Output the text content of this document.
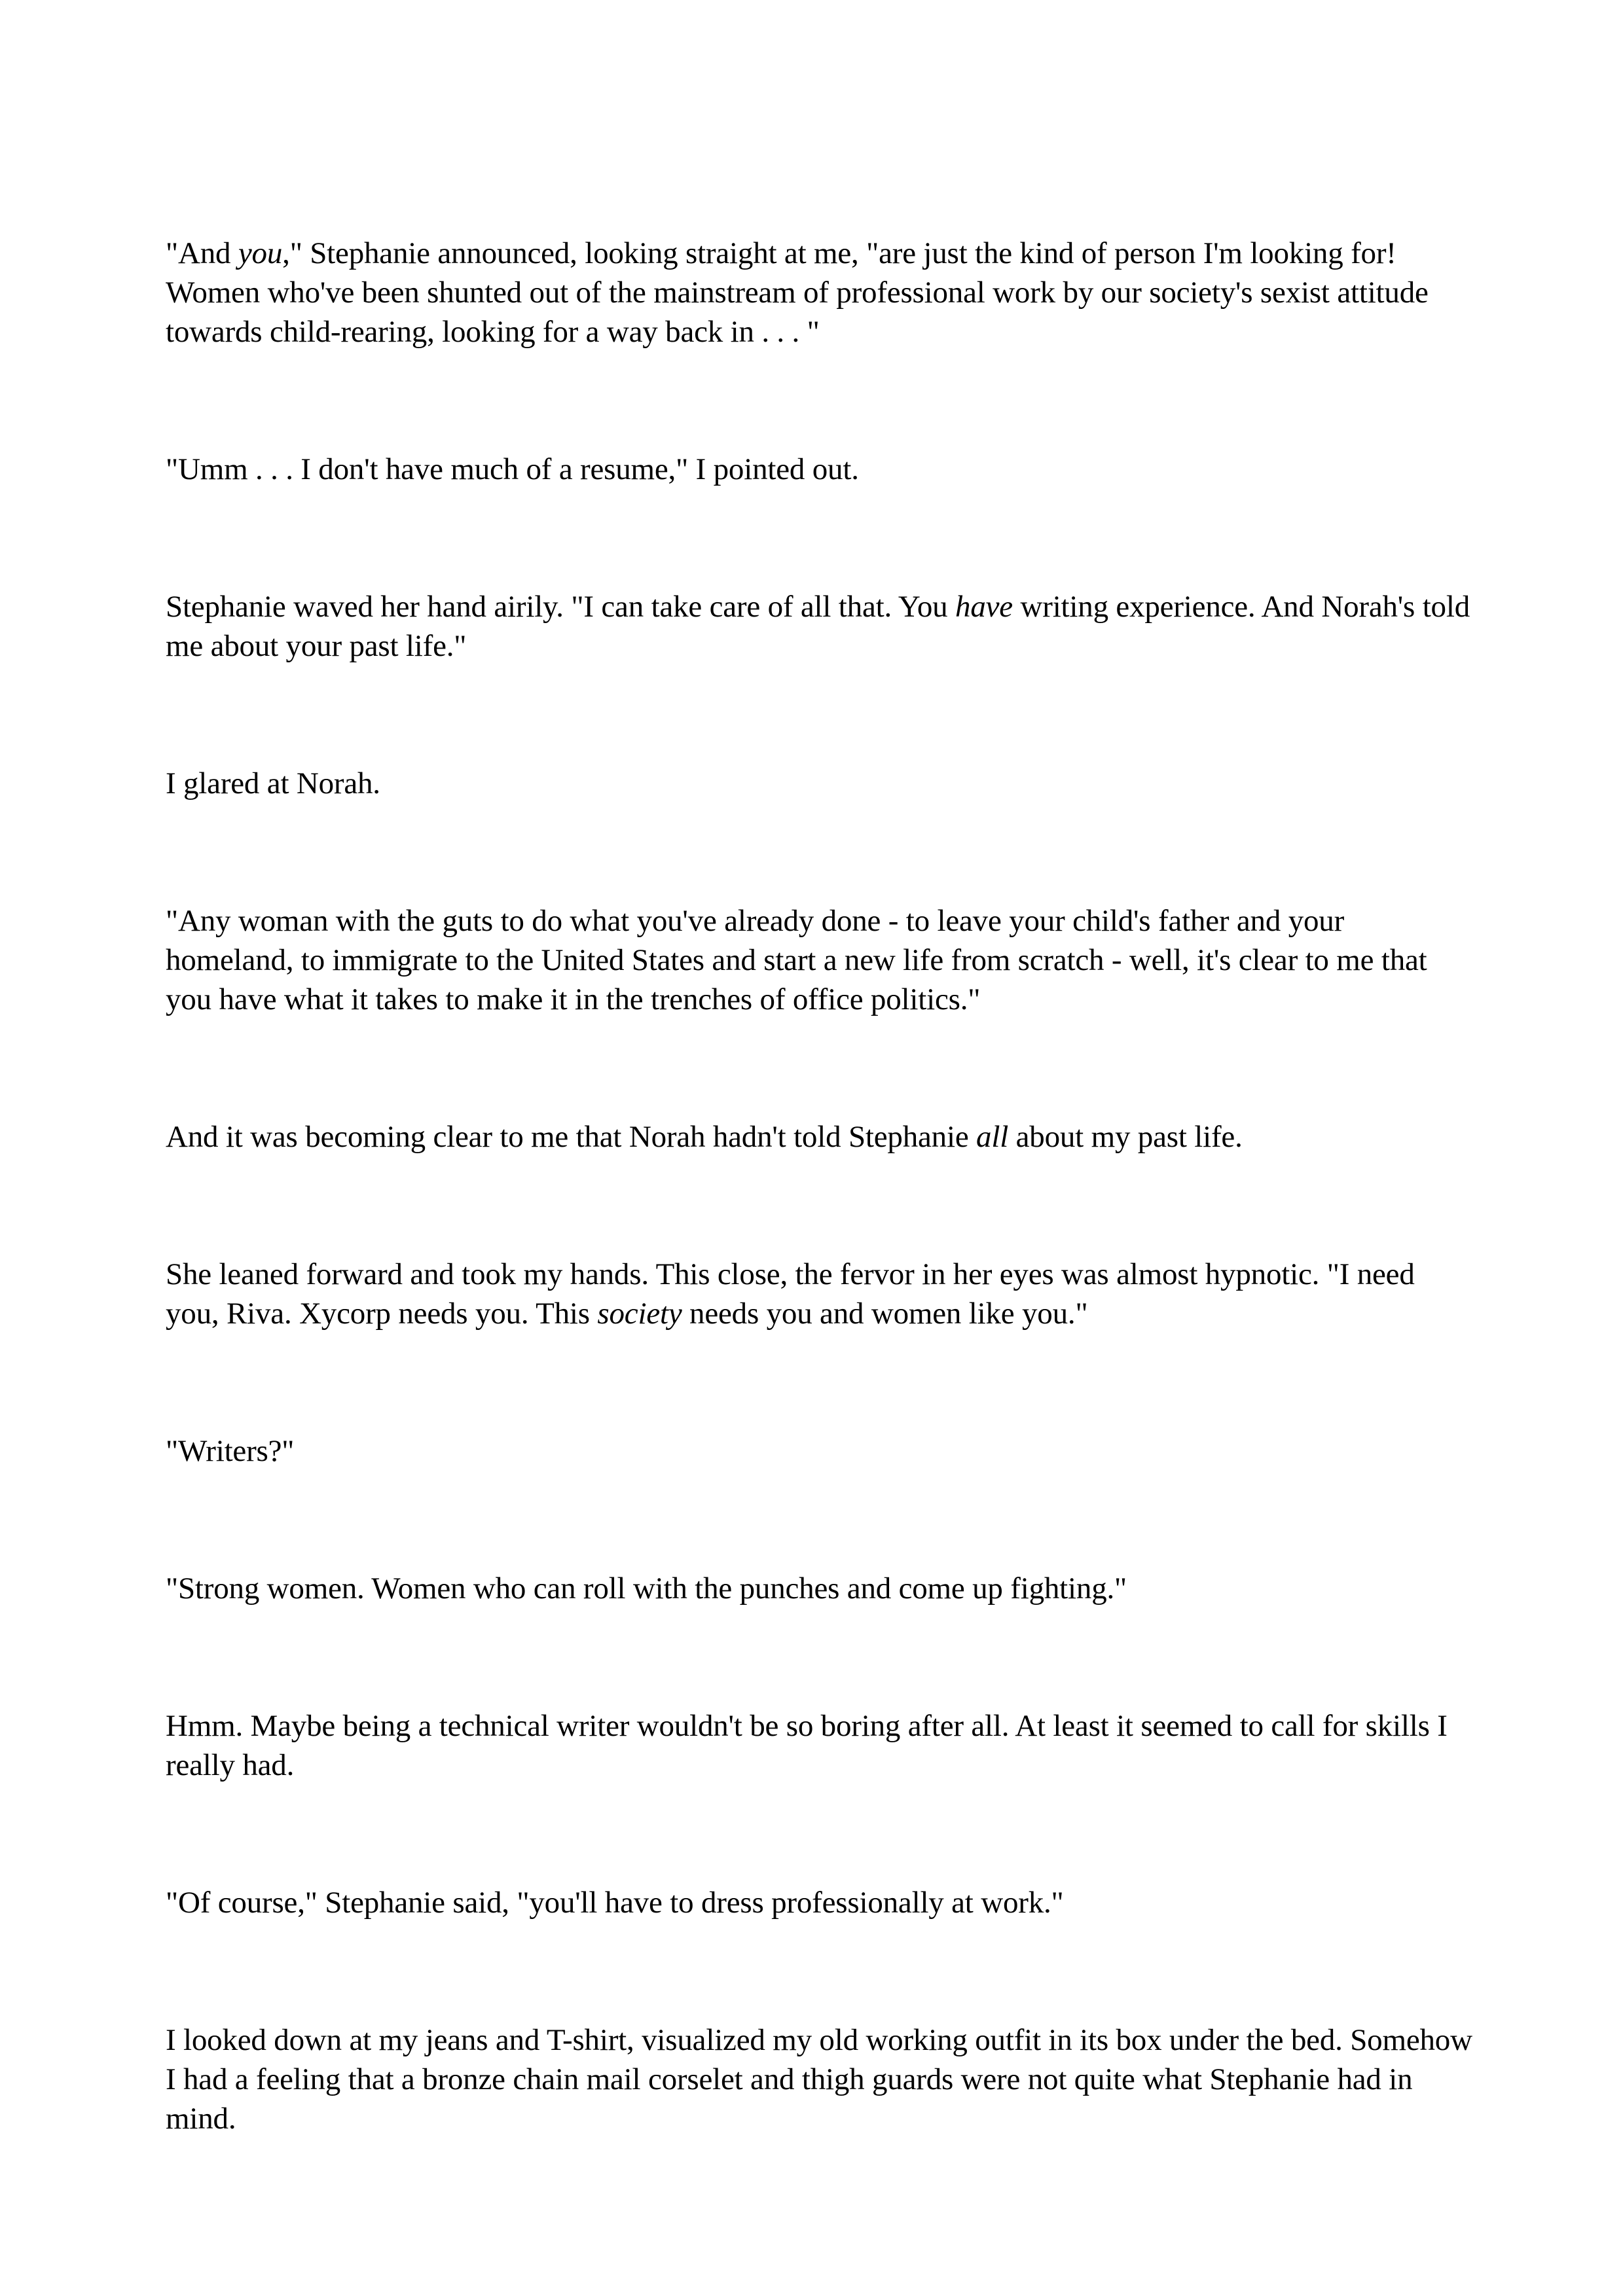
"And you," Stephanie announced, looking straight at me, "are just the kind of person I'm looking for! Women who've been shunted out of the mainstream of professional work by our society's sexist attitude towards child-rearing, looking for a way back in . . . "

"Umm . . . I don't have much of a resume," I pointed out.

Stephanie waved her hand airily. "I can take care of all that. You have writing experience. And Norah's told me about your past life."

I glared at Norah.

"Any woman with the guts to do what you've already done - to leave your child's father and your homeland, to immigrate to the United States and start a new life from scratch - well, it's clear to me that you have what it takes to make it in the trenches of office politics."

And it was becoming clear to me that Norah hadn't told Stephanie all about my past life.

She leaned forward and took my hands. This close, the fervor in her eyes was almost hypnotic. "I need you, Riva. Xycorp needs you. This society needs you and women like you."

"Writers?"

"Strong women. Women who can roll with the punches and come up fighting."

Hmm. Maybe being a technical writer wouldn't be so boring after all. At least it seemed to call for skills I really had.

"Of course," Stephanie said, "you'll have to dress professionally at work."

I looked down at my jeans and T-shirt, visualized my old working outfit in its box under the bed. Somehow I had a feeling that a bronze chain mail corselet and thigh guards were not quite what Stephanie had in mind.
